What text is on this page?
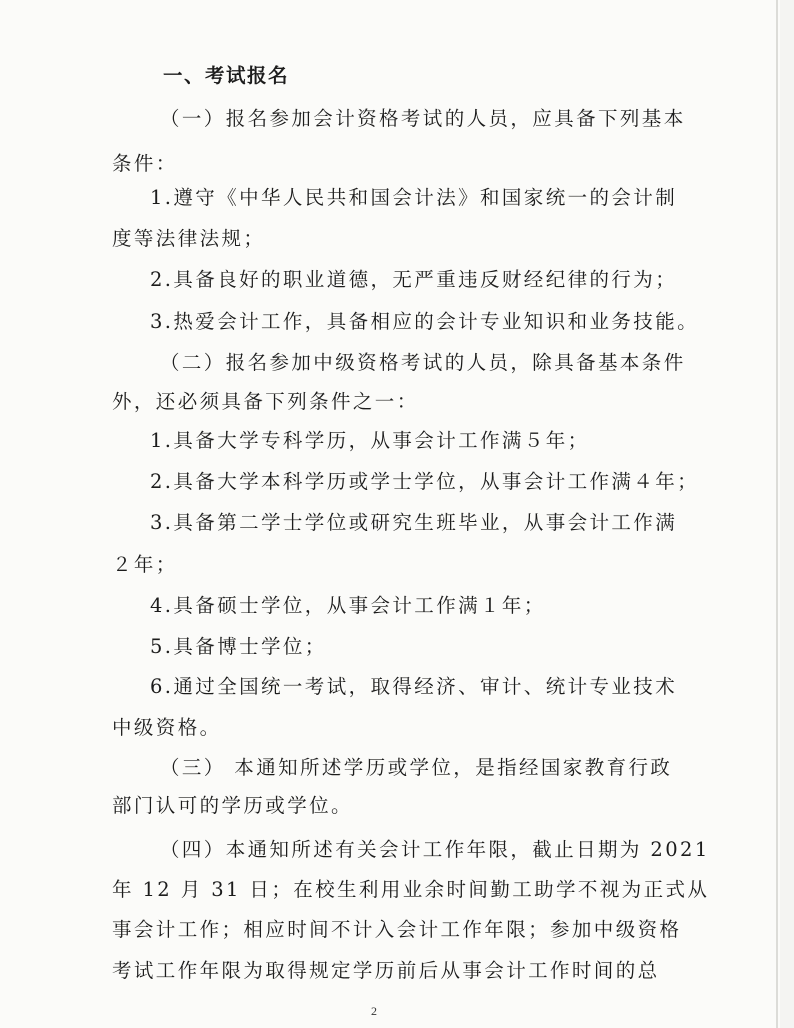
一、考试报名
（一）报名参加会计资格考试的人员，应具备下列基本
条件：
1.遵守《中华人民共和国会计法》和国家统一的会计制
度等法律法规；
2.具备良好的职业道德，无严重违反财经纪律的行为；
3.热爱会计工作，具备相应的会计专业知识和业务技能。
（二）报名参加中级资格考试的人员，除具备基本条件
外，还必须具备下列条件之一：
1.具备大学专科学历，从事会计工作满５年；
2.具备大学本科学历或学士学位，从事会计工作满４年；
3.具备第二学士学位或研究生班毕业，从事会计工作满
２年；
4.具备硕士学位，从事会计工作满１年；
5.具备博士学位；
6.通过全国统一考试，取得经济、审计、统计专业技术
中级资格。
（三） 本通知所述学历或学位，是指经国家教育行政
部门认可的学历或学位。
（四）本通知所述有关会计工作年限，截止日期为 2021
年 12 月 31 日；在校生利用业余时间勤工助学不视为正式从
事会计工作；相应时间不计入会计工作年限；参加中级资格
考试工作年限为取得规定学历前后从事会计工作时间的总
2
